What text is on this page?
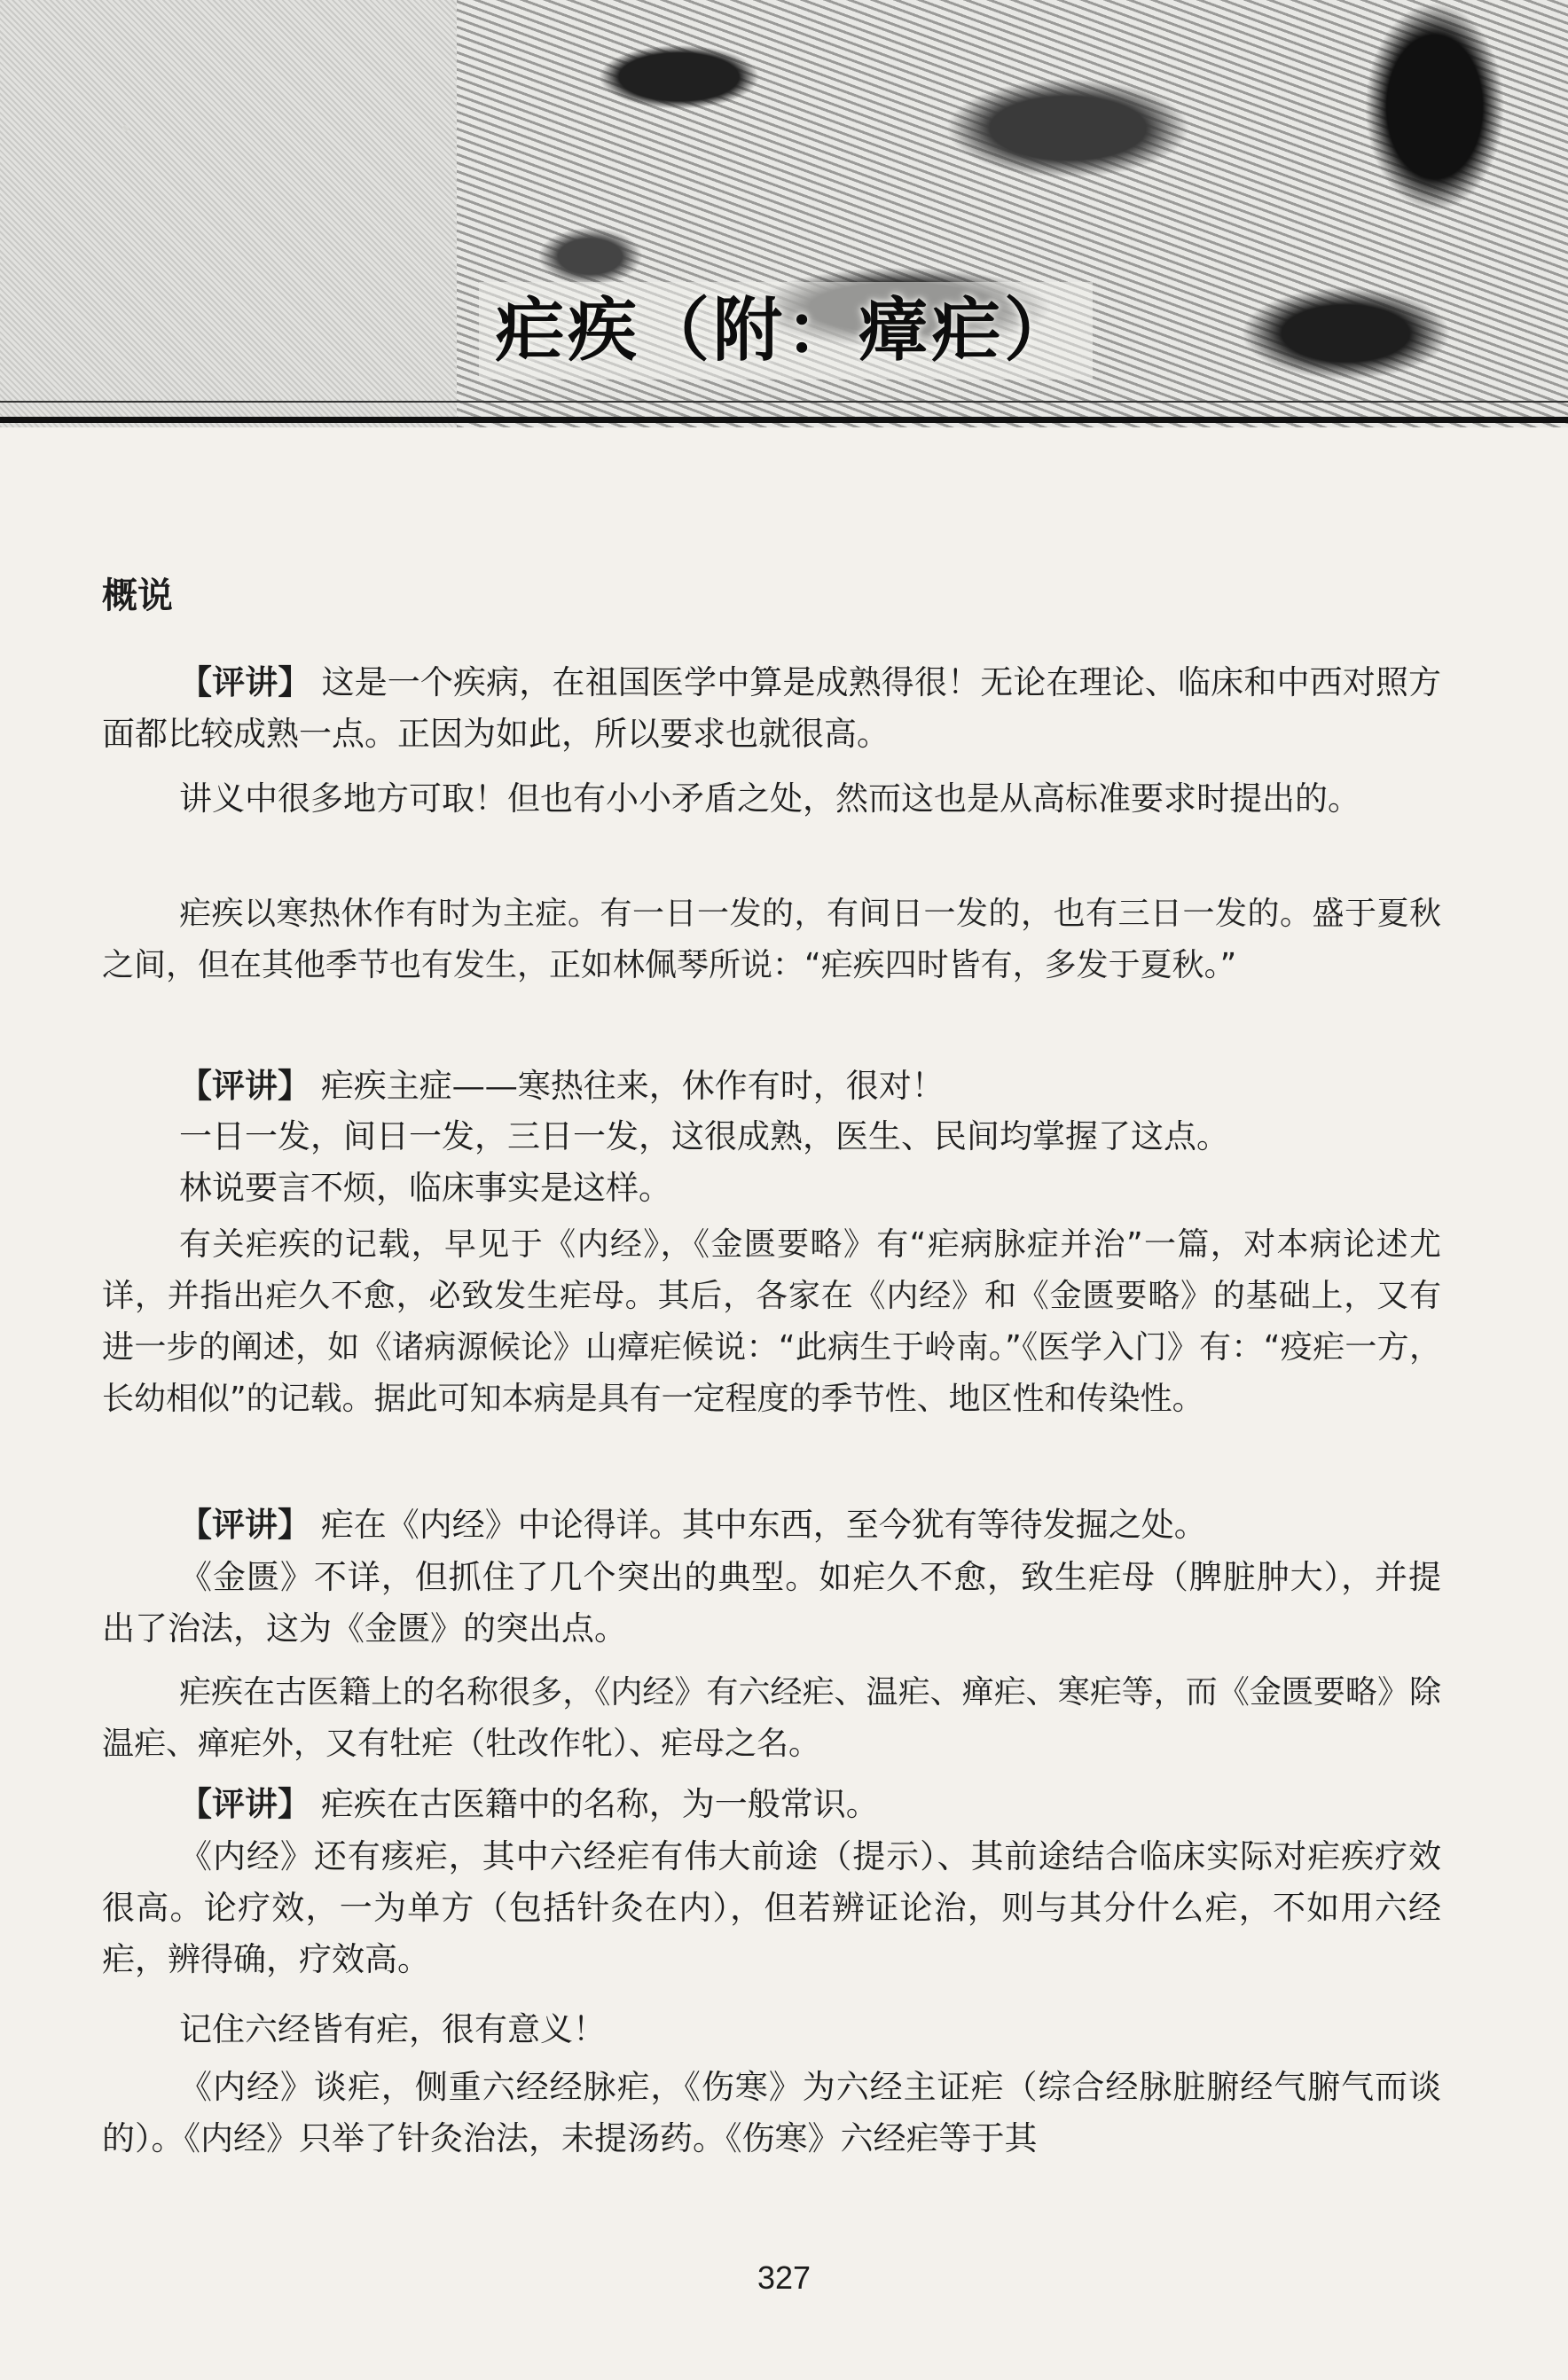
疟疾（附：瘴疟）
概说

【评讲】 这是一个疾病，在祖国医学中算是成熟得很！无论在理论、临床和中西对照方面都比较成熟一点。正因为如此，所以要求也就很高。

讲义中很多地方可取！但也有小小矛盾之处，然而这也是从高标准要求时提出的。

疟疾以寒热休作有时为主症。有一日一发的，有间日一发的，也有三日一发的。盛于夏秋之间，但在其他季节也有发生，正如林佩琴所说：“疟疾四时皆有，多发于夏秋。”

【评讲】 疟疾主症——寒热往来，休作有时，很对！

一日一发，间日一发，三日一发，这很成熟，医生、民间均掌握了这点。

林说要言不烦，临床事实是这样。

有关疟疾的记载，早见于《内经》，《金匮要略》有“疟病脉症并治”一篇，对本病论述尤详，并指出疟久不愈，必致发生疟母。其后，各家在《内经》和《金匮要略》的基础上，又有进一步的阐述，如《诸病源候论》山瘴疟候说：“此病生于岭南。”《医学入门》有：“疫疟一方，长幼相似”的记载。据此可知本病是具有一定程度的季节性、地区性和传染性。

【评讲】 疟在《内经》中论得详。其中东西，至今犹有等待发掘之处。

《金匮》不详，但抓住了几个突出的典型。如疟久不愈，致生疟母（脾脏肿大），并提出了治法，这为《金匮》的突出点。

疟疾在古医籍上的名称很多，《内经》有六经疟、温疟、瘅疟、寒疟等，而《金匮要略》除温疟、瘅疟外，又有牡疟（牡改作牝）、疟母之名。

【评讲】 疟疾在古医籍中的名称，为一般常识。

《内经》还有痎疟，其中六经疟有伟大前途（提示）、其前途结合临床实际对疟疾疗效很高。论疗效，一为单方（包括针灸在内），但若辨证论治，则与其分什么疟，不如用六经疟，辨得确，疗效高。

记住六经皆有疟，很有意义！

《内经》谈疟，侧重六经经脉疟，《伤寒》为六经主证疟（综合经脉脏腑经气腑气而谈的）。《内经》只举了针灸治法，未提汤药。《伤寒》六经疟等于其

327
